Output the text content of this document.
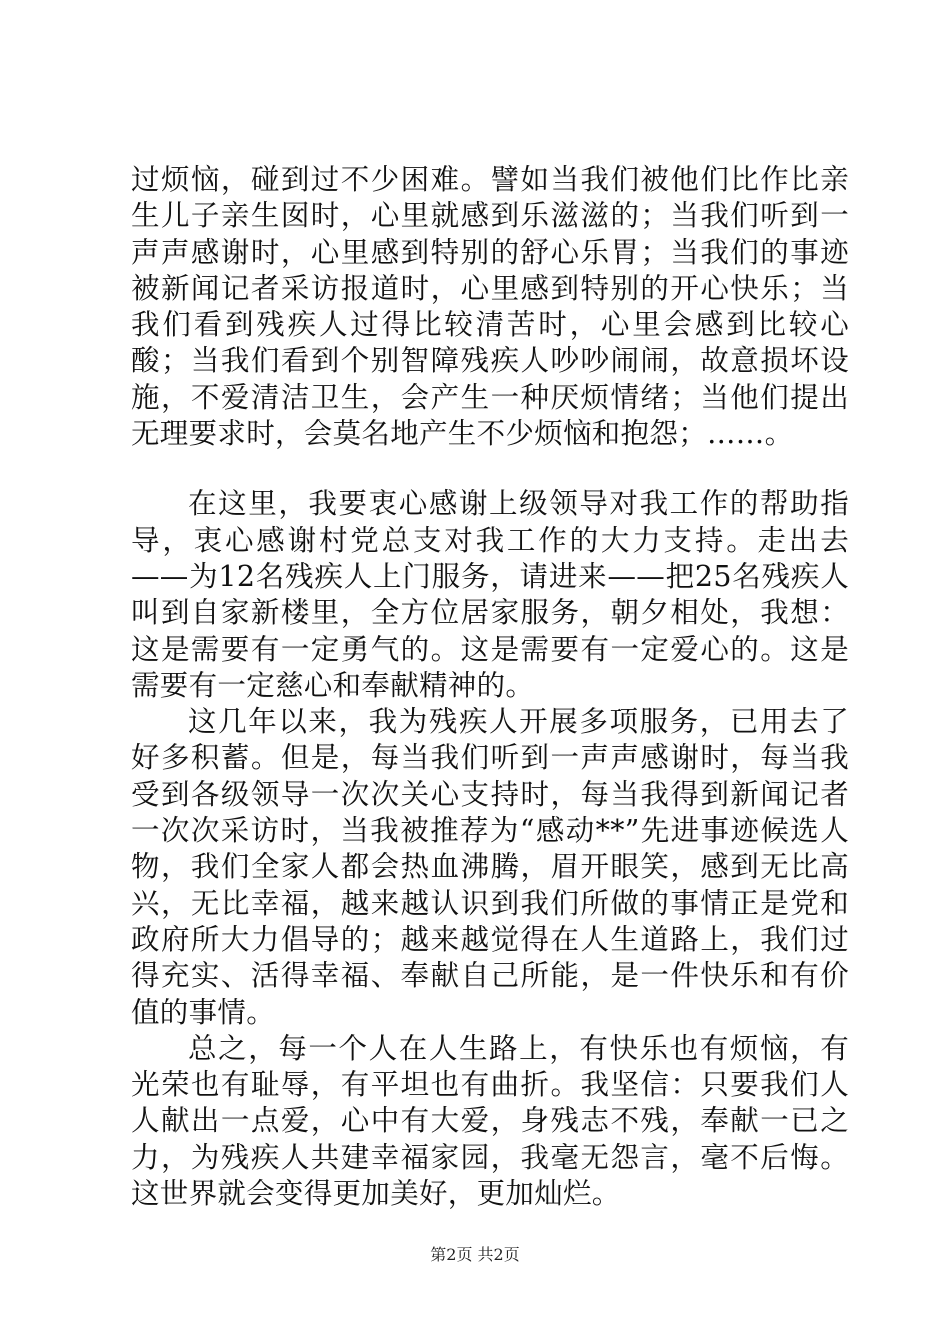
过烦恼，碰到过不少困难。譬如当我们被他们比作比亲生儿子亲生囡时，心里就感到乐滋滋的；当我们听到一声声感谢时，心里感到特别的舒心乐胃；当我们的事迹被新闻记者采访报道时，心里感到特别的开心快乐；当我们看到残疾人过得比较清苦时，心里会感到比较心酸；当我们看到个别智障残疾人吵吵闹闹，故意损坏设施，不爱清洁卫生，会产生一种厌烦情绪；当他们提出无理要求时，会莫名地产生不少烦恼和抱怨；……。

在这里，我要衷心感谢上级领导对我工作的帮助指导，衷心感谢村党总支对我工作的大力支持。走出去——为12名残疾人上门服务，请进来——把25名残疾人叫到自家新楼里，全方位居家服务，朝夕相处，我想：这是需要有一定勇气的。这是需要有一定爱心的。这是需要有一定慈心和奉献精神的。

这几年以来，我为残疾人开展多项服务，已用去了好多积蓄。但是，每当我们听到一声声感谢时，每当我受到各级领导一次次关心支持时，每当我得到新闻记者一次次采访时，当我被推荐为“感动**”先进事迹候选人物，我们全家人都会热血沸腾，眉开眼笑，感到无比高兴，无比幸福，越来越认识到我们所做的事情正是党和政府所大力倡导的；越来越觉得在人生道路上，我们过得充实、活得幸福、奉献自己所能，是一件快乐和有价值的事情。

总之，每一个人在人生路上，有快乐也有烦恼，有光荣也有耻辱，有平坦也有曲折。我坚信：只要我们人人献出一点爱，心中有大爱，身残志不残，奉献一已之力，为残疾人共建幸福家园，我毫无怨言，毫不后悔。这世界就会变得更加美好，更加灿烂。

第2页 共2页
